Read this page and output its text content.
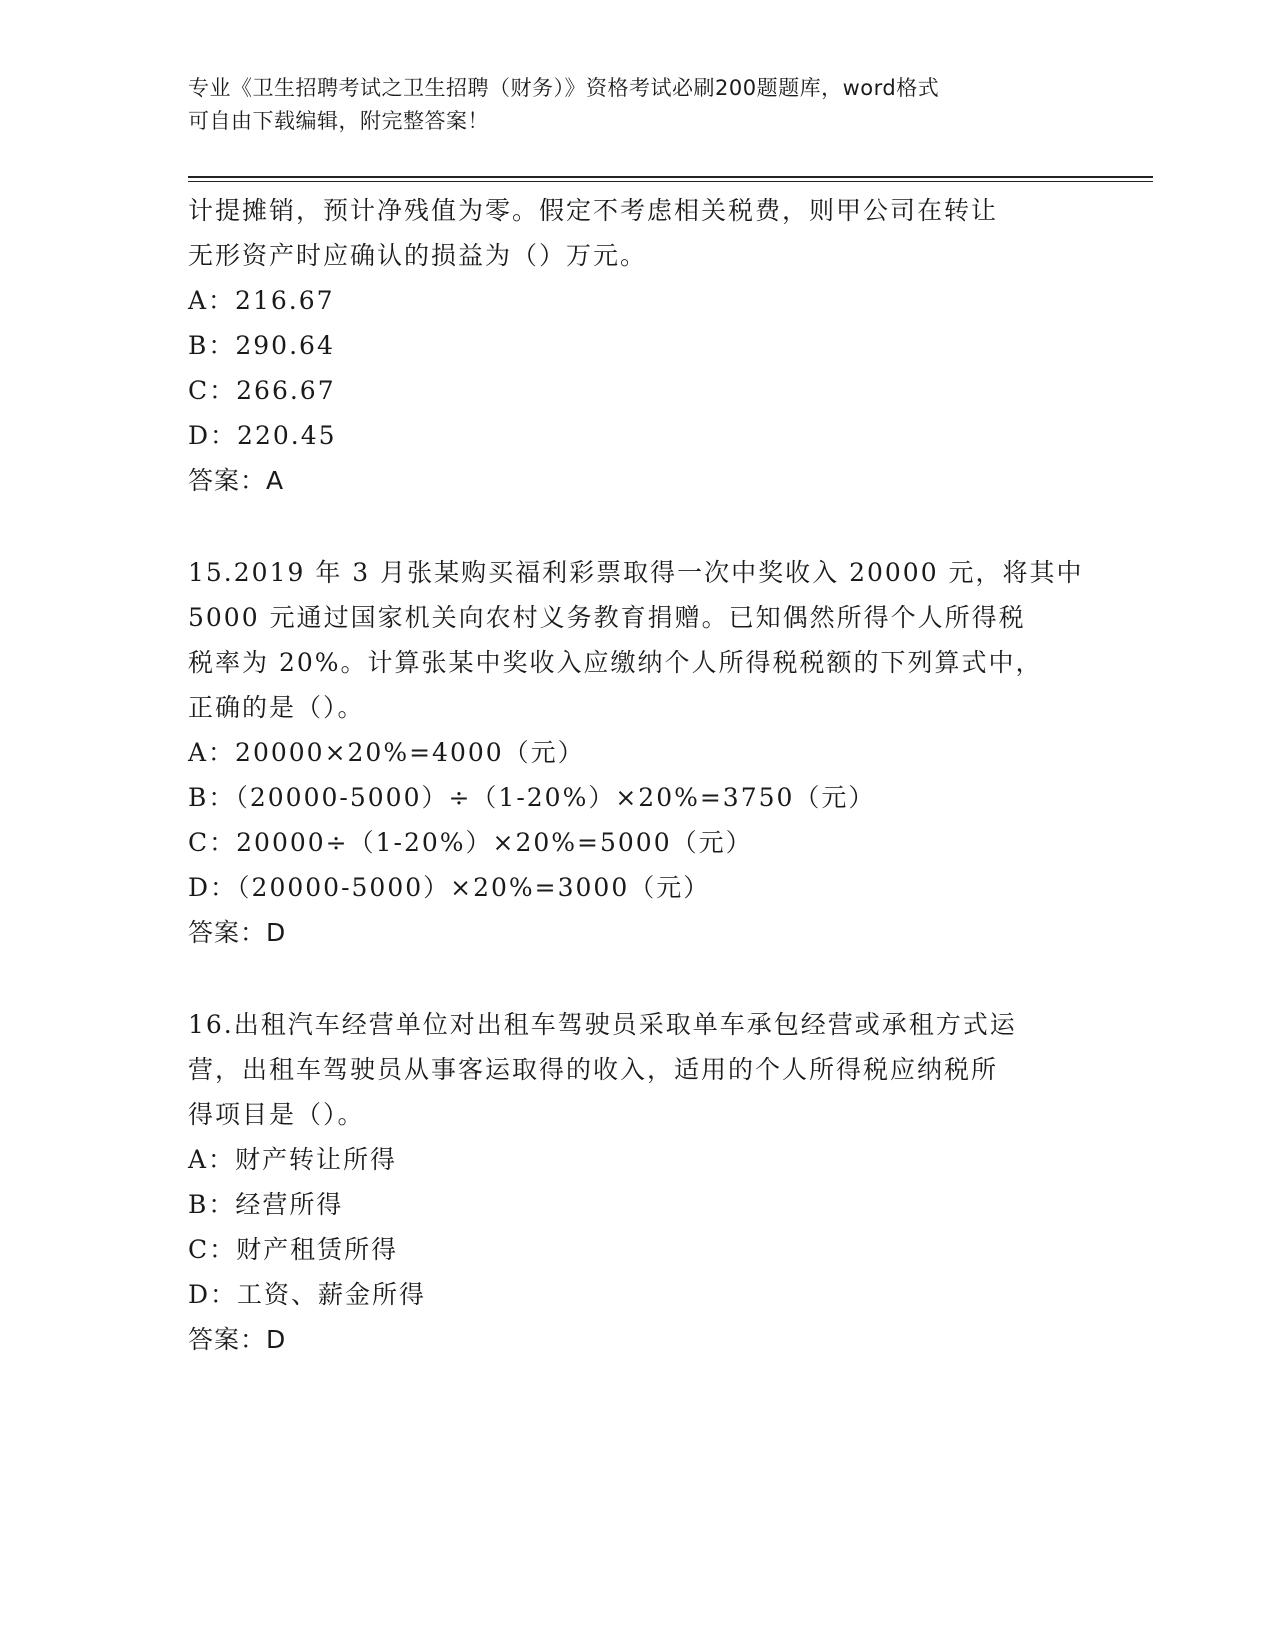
专业《卫生招聘考试之卫生招聘（财务）》资格考试必刷200题题库，word格式
可自由下载编辑，附完整答案！
计提摊销，预计净残值为零。假定不考虑相关税费，则甲公司在转让
无形资产时应确认的损益为（）万元。
A：216.67
B：290.64
C：266.67
D：220.45
答案：A
15.2019 年 3 月张某购买福利彩票取得一次中奖收入 20000 元，将其中
5000 元通过国家机关向农村义务教育捐赠。已知偶然所得个人所得税
税率为 20%。计算张某中奖收入应缴纳个人所得税税额的下列算式中，
正确的是（）。
A：20000×20%=4000（元）
B：（20000-5000）÷（1-20%）×20%=3750（元）
C：20000÷（1-20%）×20%=5000（元）
D：（20000-5000）×20%=3000（元）
答案：D
16.出租汽车经营单位对出租车驾驶员采取单车承包经营或承租方式运
营，出租车驾驶员从事客运取得的收入，适用的个人所得税应纳税所
得项目是（）。
A：财产转让所得
B：经营所得
C：财产租赁所得
D：工资、薪金所得
答案：D
